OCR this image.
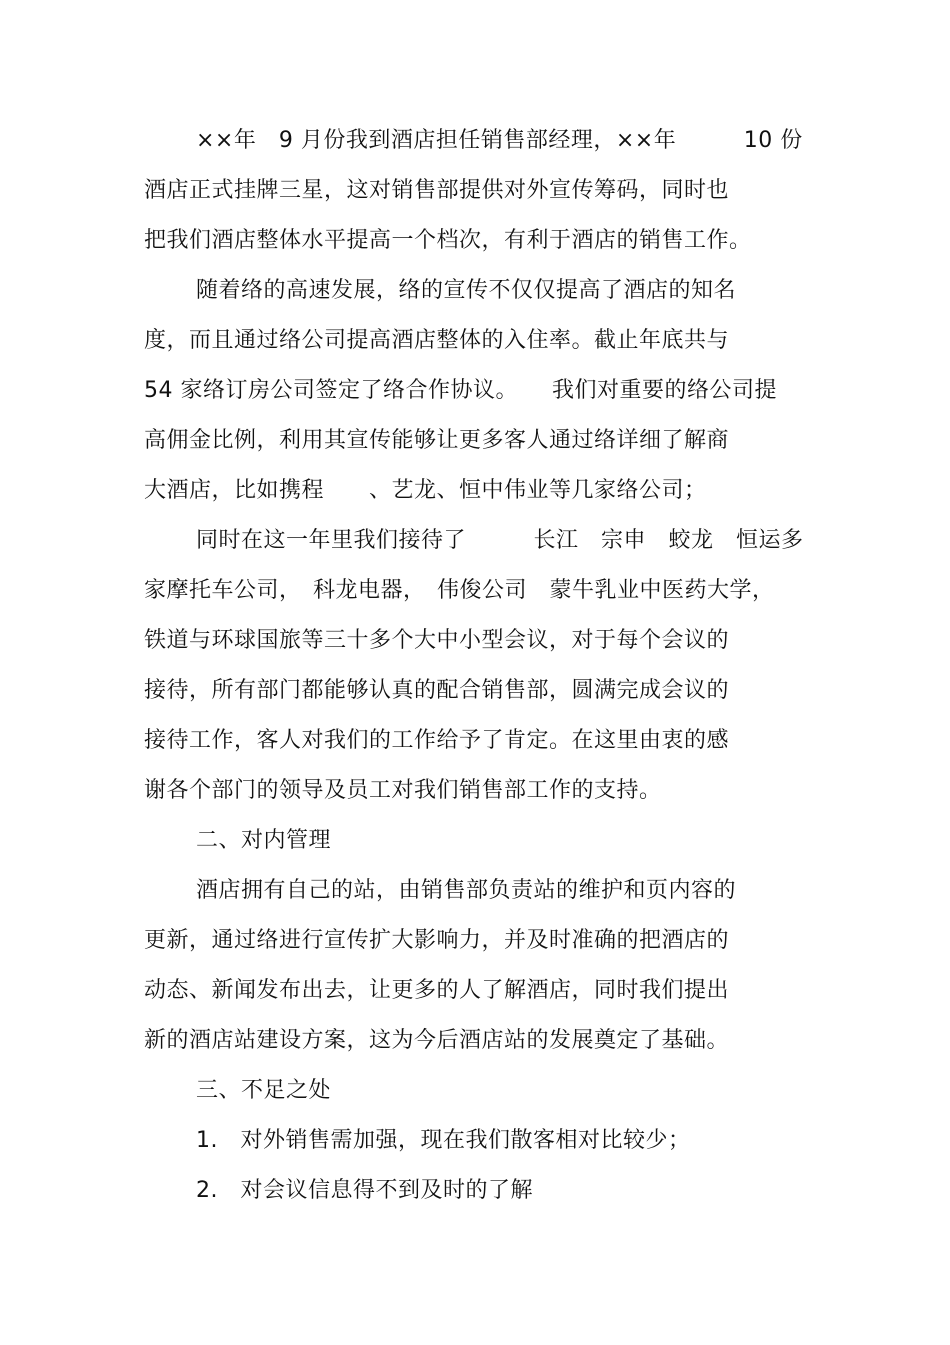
××年　9 月份我到酒店担任销售部经理，××年　　　10 份
酒店正式挂牌三星，这对销售部提供对外宣传筹码，同时也
把我们酒店整体水平提高一个档次，有利于酒店的销售工作。
随着络的高速发展，络的宣传不仅仅提高了酒店的知名
度，而且通过络公司提高酒店整体的入住率。截止年底共与
54 家络订房公司签定了络合作协议。　　我们对重要的络公司提
高佣金比例，利用其宣传能够让更多客人通过络详细了解商
大酒店，比如携程　　、艺龙、恒中伟业等几家络公司；
同时在这一年里我们接待了　　　长江　宗申　蛟龙　恒运多
家摩托车公司，　科龙电器，　伟俊公司　蒙牛乳业中医药大学，
铁道与环球国旅等三十多个大中小型会议，对于每个会议的
接待，所有部门都能够认真的配合销售部，圆满完成会议的
接待工作，客人对我们的工作给予了肯定。在这里由衷的感
谢各个部门的领导及员工对我们销售部工作的支持。
二、对内管理
酒店拥有自己的站，由销售部负责站的维护和页内容的
更新，通过络进行宣传扩大影响力，并及时准确的把酒店的
动态、新闻发布出去，让更多的人了解酒店，同时我们提出
新的酒店站建设方案，这为今后酒店站的发展奠定了基础。
三、不足之处
1.　对外销售需加强，现在我们散客相对比较少；
2.　对会议信息得不到及时的了解
